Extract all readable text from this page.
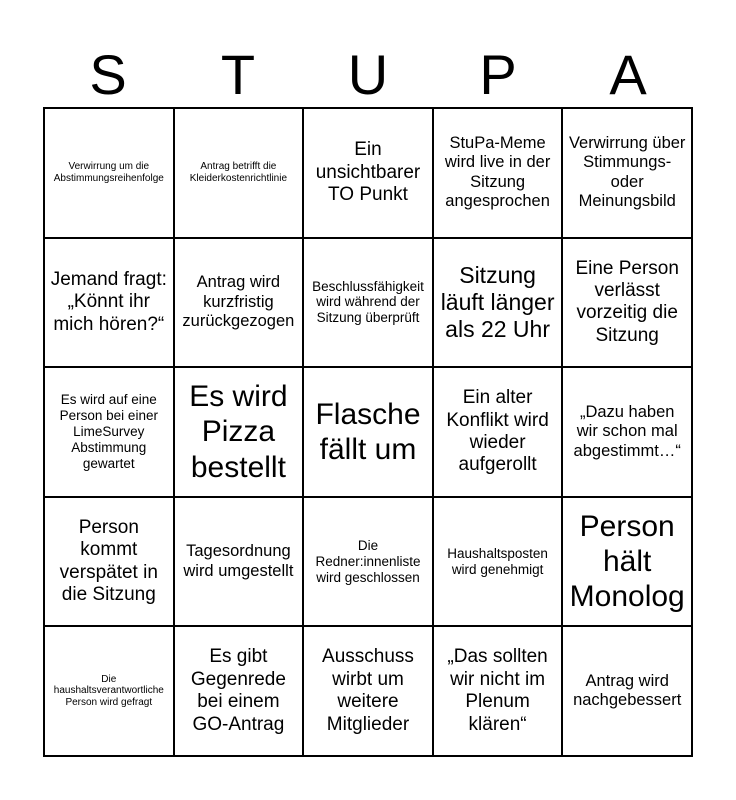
S	T	U	P	A
Verwirrung um die Abstimmungsreihenfolge
Antrag betrifft die Kleiderkostenrichtlinie
Ein unsichtbarer TO Punkt
StuPa-Meme wird live in der Sitzung angesprochen
Verwirrung über Stimmungs- oder Meinungsbild
Jemand fragt: „Könnt ihr mich hören?“
Antrag wird kurzfristig zurückgezogen
Beschlussfähigkeit wird während der Sitzung überprüft
Sitzung läuft länger als 22 Uhr
Eine Person verlässt vorzeitig die Sitzung
Es wird auf eine Person bei einer LimeSurvey Abstimmung gewartet
Es wird Pizza bestellt
Flasche fällt um
Ein alter Konflikt wird wieder aufgerollt
„Dazu haben wir schon mal abgestimmt…“
Person kommt verspätet in die Sitzung
Tagesordnung wird umgestellt
Die Redner:innenliste wird geschlossen
Haushaltsposten wird genehmigt
Person hält Monolog
Die haushaltsverantwortliche Person wird gefragt
Es gibt Gegenrede bei einem GO-Antrag
Ausschuss wirbt um weitere Mitglieder
„Das sollten wir nicht im Plenum klären“
Antrag wird nachgebessert
